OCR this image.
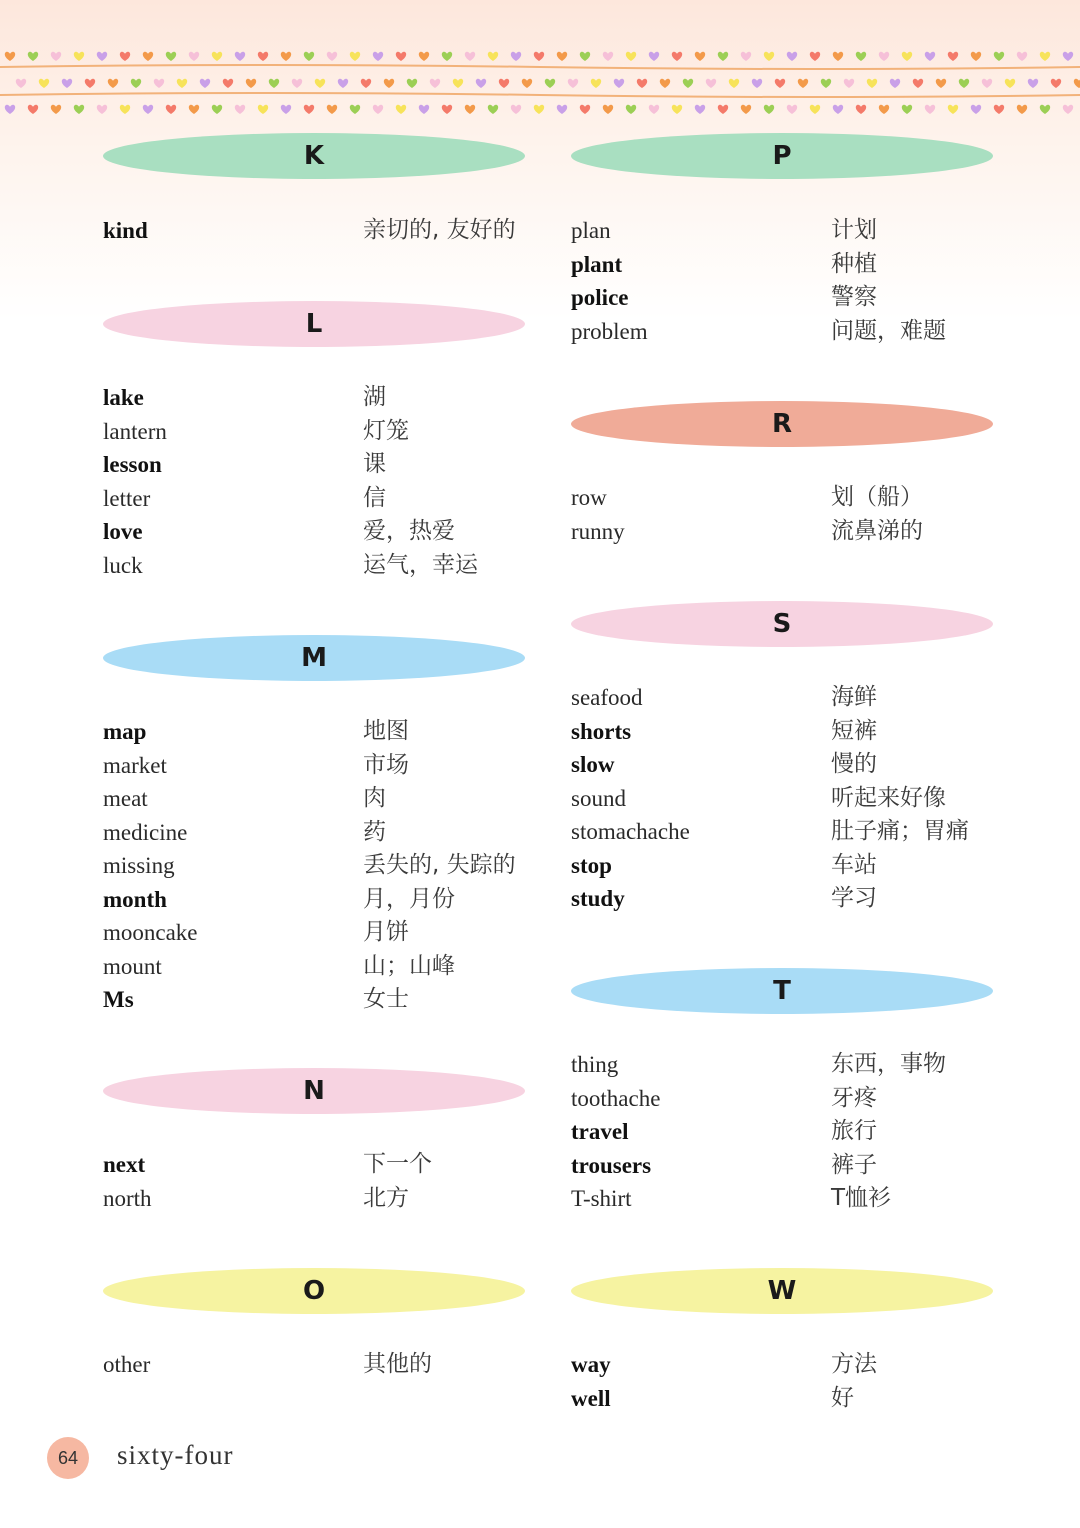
K
kind	亲切的, 友好的
L
lake	湖
lantern	灯笼
lesson	课
letter	信
love	爱，热爱
luck	运气，幸运
M
map	地图
market	市场
meat	肉
medicine	药
missing	丢失的, 失踪的
month	月，月份
mooncake	月饼
mount	山；山峰
Ms	女士
N
next	下一个
north	北方
O
other	其他的
P
plan	计划
plant	种植
police	警察
problem	问题，难题
R
row	划（船）
runny	流鼻涕的
S
seafood	海鲜
shorts	短裤
slow	慢的
sound	听起来好像
stomachache	肚子痛；胃痛
stop	车站
study	学习
T
thing	东西，事物
toothache	牙疼
travel	旅行
trousers	裤子
T-shirt	T恤衫
W
way	方法
well	好
64	sixty-four
